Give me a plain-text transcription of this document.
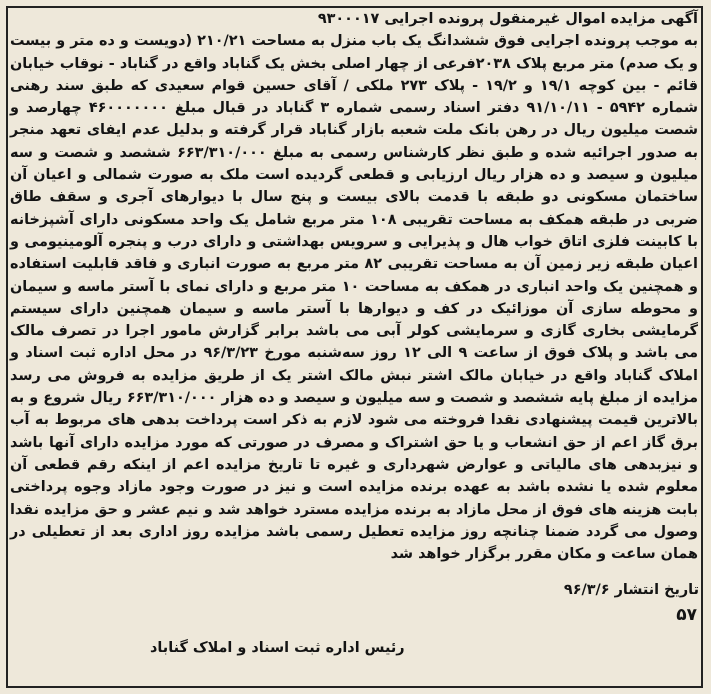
آگهی مزایده اموال غیرمنقول پرونده اجرایی ۹۳۰۰۰۱۷
به موجب پرونده اجرایی فوق ششدانگ یک باب منزل به مساحت ۲۱۰/۲۱ (دویست و ده متر و بیست و یک صدم) متر مربع پلاک ۲۰۳۸فرعی از چهار اصلی بخش یک گناباد واقع در گناباد - نوقاب خیابان قائم - بین کوچه ۱۹/۱ و ۱۹/۲ - پلاک ۲۷۳ ملکی / آقای حسین قوام سعیدی که طبق سند رهنی شماره ۵۹۴۲ - ۹۱/۱۰/۱۱ دفتر اسناد رسمی شماره ۳ گناباد در قبال مبلغ ۴۶۰۰۰۰۰۰۰ چهارصد و شصت میلیون ریال در رهن بانک ملت شعبه بازار گناباد قرار گرفته و بدلیل عدم ایفای تعهد منجر به صدور اجرائیه شده و طبق نظر کارشناس رسمی به مبلغ ۶۶۳/۳۱۰/۰۰۰ ششصد و شصت و سه میلیون و سیصد و ده هزار ریال ارزیابی و قطعی گردیده است ملک به صورت شمالی و اعیان آن ساختمان مسکونی دو طبقه با قدمت بالای بیست و پنج سال با دیوارهای آجری و سقف طاق ضربی در طبقه همکف به مساحت تقریبی ۱۰۸ متر مربع شامل یک واحد مسکونی دارای آشپزخانه با کابینت فلزی اتاق خواب هال و پذیرایی و سرویس بهداشتی و دارای درب و پنجره آلومینیومی و اعیان طبقه زیر زمین آن به مساحت تقریبی ۸۲ متر مربع به صورت انباری و فاقد قابلیت استفاده و همچنین یک واحد انباری در همکف به مساحت ۱۰ متر مربع و دارای نمای با آستر ماسه و سیمان و محوطه سازی آن موزائیک در کف و دیوارها با آستر ماسه و سیمان همچنین دارای سیستم گرمایشی بخاری گازی و سرمایشی کولر آبی می باشد برابر گزارش مامور اجرا در تصرف مالک می باشد و پلاک فوق از ساعت ۹ الی ۱۲ روز سه‌شنبه مورخ ۹۶/۳/۲۳ در محل اداره ثبت اسناد و املاک گناباد واقع در خیابان مالک اشتر نبش مالک اشتر یک از طریق مزایده به فروش می رسد مزایده از مبلغ پایه ششصد و شصت و سه میلیون و سیصد و ده هزار ۶۶۳/۳۱۰/۰۰۰ ریال شروع و به بالاترین قیمت پیشنهادی نقدا فروخته می شود لازم به ذکر است پرداخت بدهی های مربوط به آب برق گاز اعم از حق انشعاب و یا حق اشتراک و مصرف در صورتی که مورد مزایده دارای آنها باشد و نیزبدهی های مالیاتی و عوارض شهرداری و غیره تا تاریخ مزایده اعم از اینکه رقم قطعی آن معلوم شده یا نشده باشد به عهده برنده مزایده است و نیز در صورت وجود مازاد وجوه پرداختی بابت هزینه های فوق از محل مازاد به برنده مزایده مسترد خواهد شد و نیم عشر و حق مزایده نقدا وصول می گردد ضمنا چنانچه روز مزایده تعطیل رسمی باشد مزایده روز اداری بعد از تعطیلی در همان ساعت و مکان مقرر برگزار خواهد شد
تاریخ انتشار ۹۶/۳/۶
۵۷
رئیس اداره ثبت اسناد و املاک گناباد
